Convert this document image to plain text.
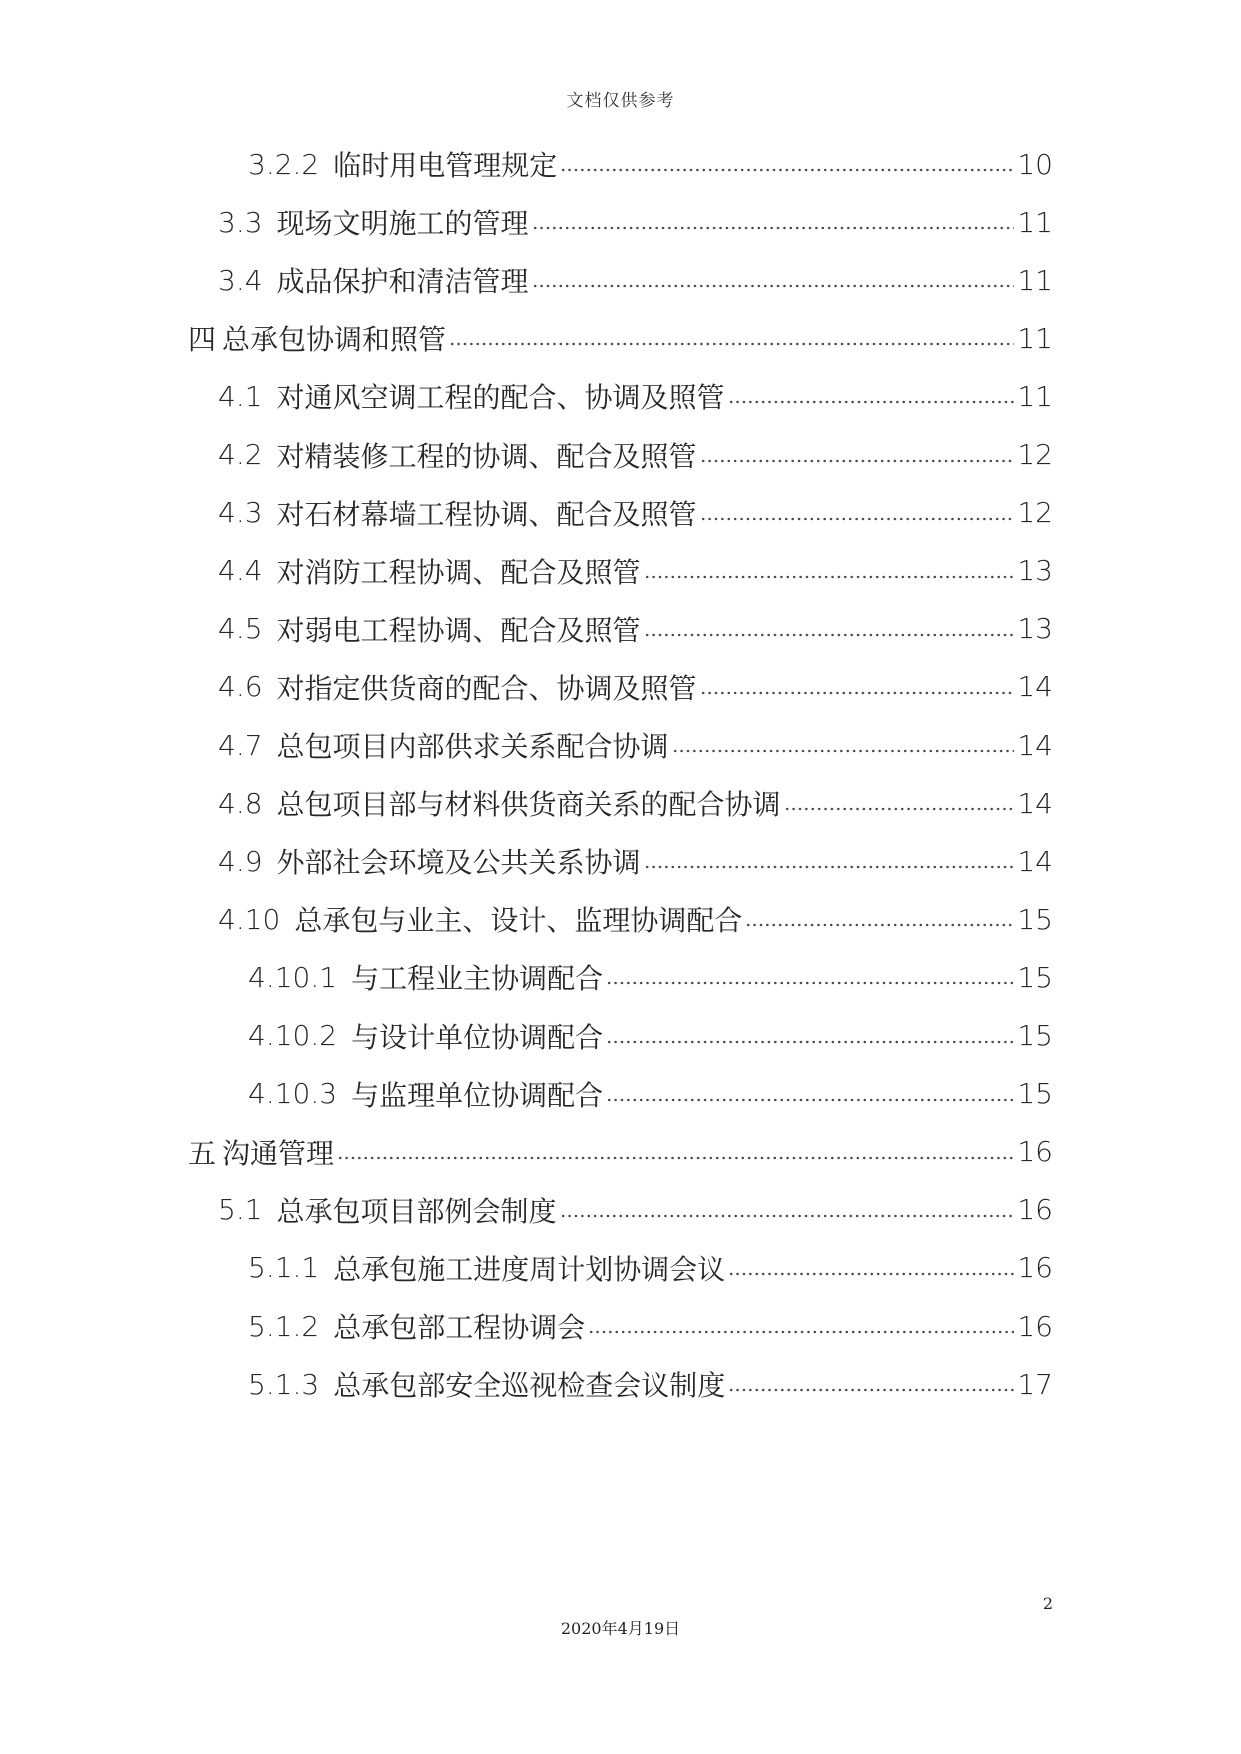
文档仅供参考
3.2.2 临时用电管理规定	10
3.3 现场文明施工的管理	11
3.4 成品保护和清洁管理	11
四 总承包协调和照管	11
4.1 对通风空调工程的配合、协调及照管	11
4.2 对精装修工程的协调、配合及照管	12
4.3 对石材幕墙工程协调、配合及照管	12
4.4 对消防工程协调、配合及照管	13
4.5 对弱电工程协调、配合及照管	13
4.6 对指定供货商的配合、协调及照管	14
4.7 总包项目内部供求关系配合协调	14
4.8 总包项目部与材料供货商关系的配合协调	14
4.9 外部社会环境及公共关系协调	14
4.10 总承包与业主、设计、监理协调配合	15
4.10.1 与工程业主协调配合	15
4.10.2 与设计单位协调配合	15
4.10.3 与监理单位协调配合	15
五 沟通管理	16
5.1 总承包项目部例会制度	16
5.1.1 总承包施工进度周计划协调会议	16
5.1.2 总承包部工程协调会	16
5.1.3 总承包部安全巡视检查会议制度	17
2
2020年4月19日
